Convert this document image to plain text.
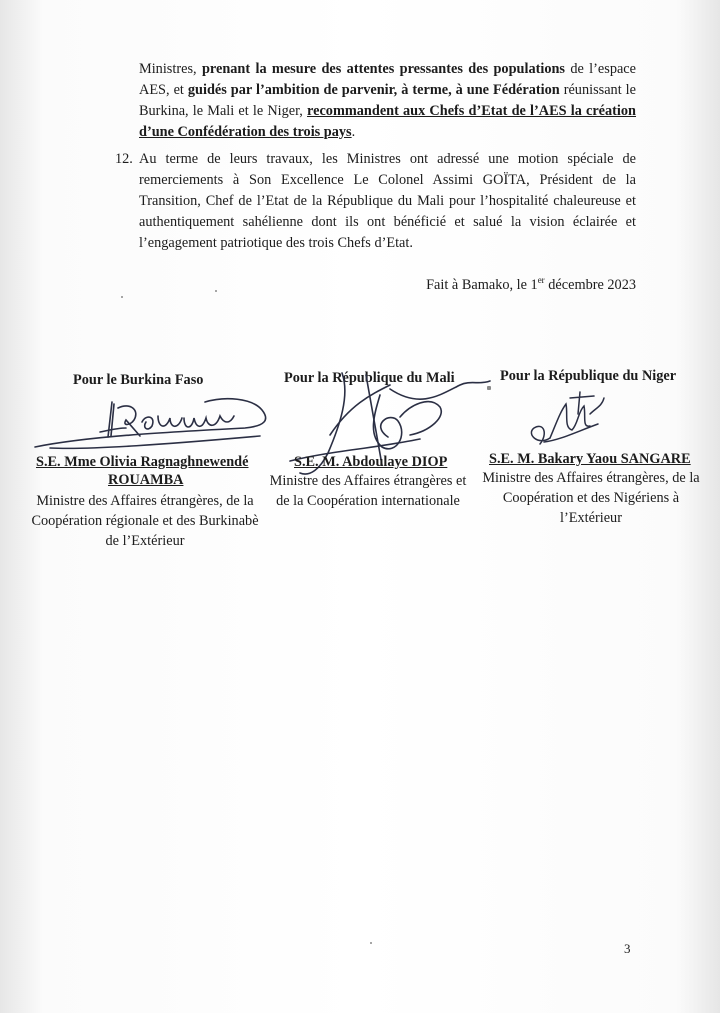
Ministres, prenant la mesure des attentes pressantes des populations de l’espace AES, et guidés par l’ambition de parvenir, à terme, à une Fédération réunissant le Burkina, le Mali et le Niger, recommandent aux Chefs d’Etat de l’AES la création d’une Confédération des trois pays.

12. Au terme de leurs travaux, les Ministres ont adressé une motion spéciale de remerciements à Son Excellence Le Colonel Assimi GOÏTA, Président de la Transition, Chef de l’Etat de la République du Mali pour l’hospitalité chaleureuse et authentiquement sahélienne dont ils ont bénéficié et salué la vision éclairée et l’engagement patriotique des trois Chefs d’Etat.
Fait à Bamako, le 1er décembre 2023
Pour le Burkina Faso
S.E. Mme Olivia Ragnaghnewendé
ROUAMBA
Ministre des Affaires étrangères, de la Coopération régionale et des Burkinabè de l’Extérieur
Pour la République du Mali
S.E. M. Abdoulaye DIOP
Ministre des Affaires étrangères et de la Coopération internationale
Pour la République du Niger
S.E. M. Bakary Yaou SANGARE
Ministre des Affaires étrangères, de la Coopération et des Nigériens à l’Extérieur
3
